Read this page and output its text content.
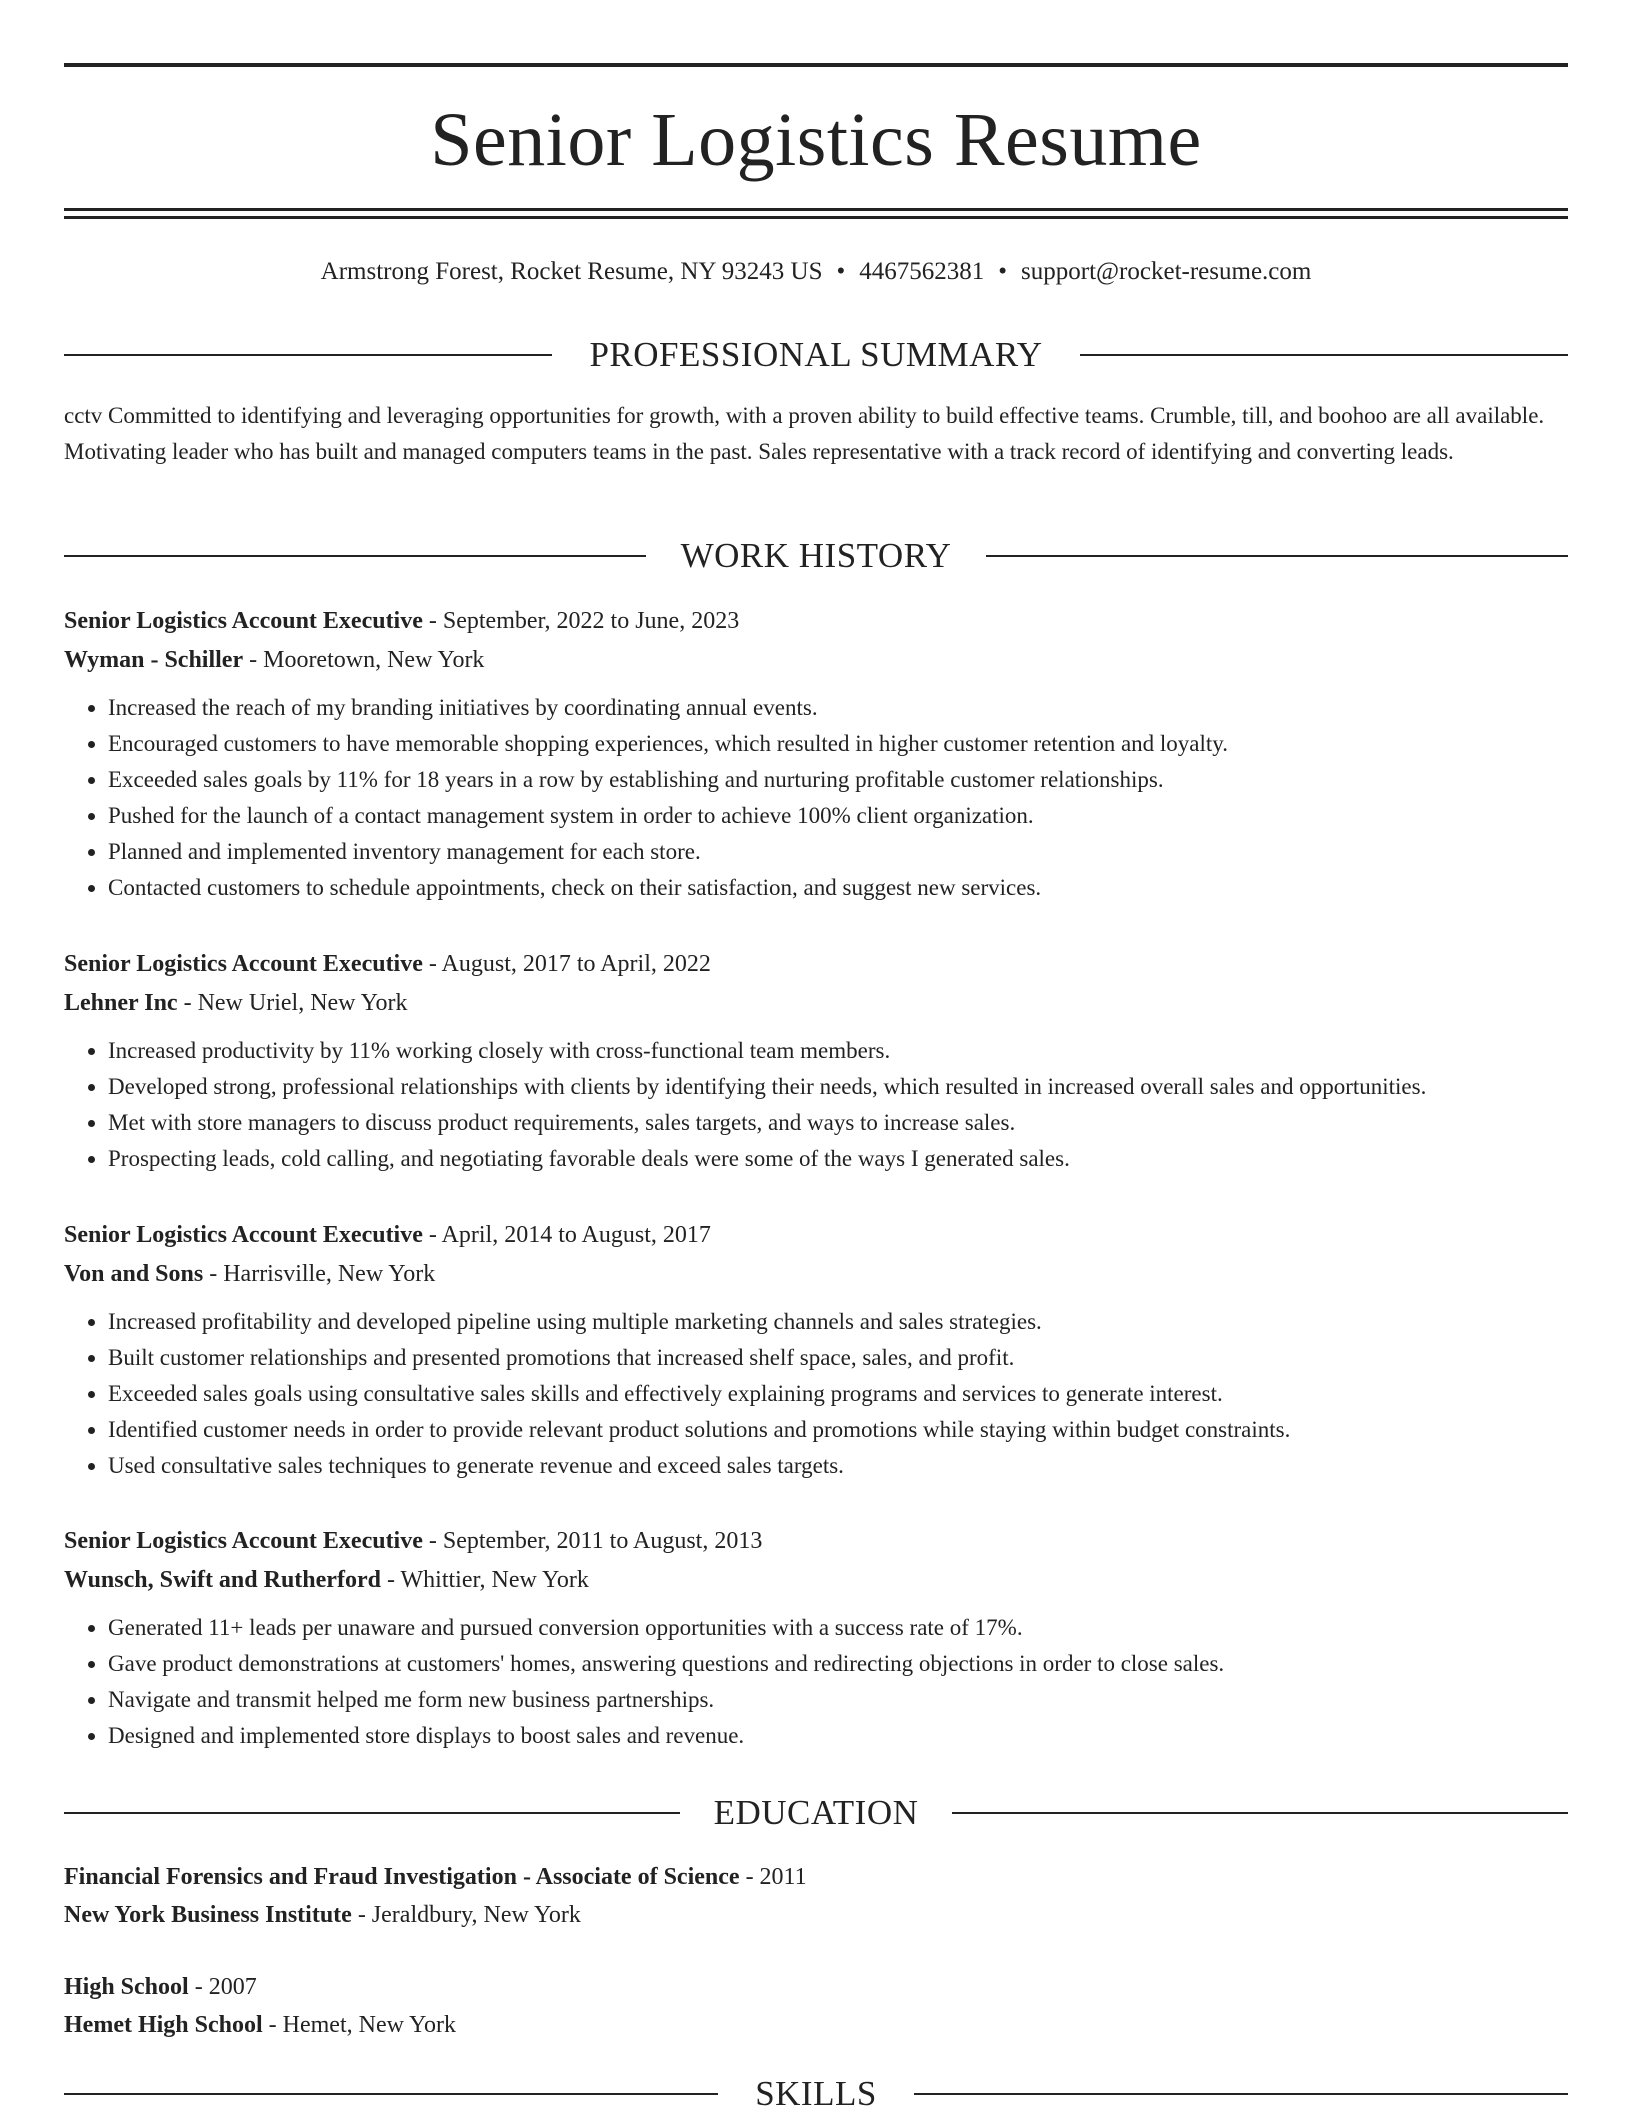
Senior Logistics Resume
Armstrong Forest, Rocket Resume, NY 93243 US • 4467562381 • support@rocket-resume.com
PROFESSIONAL SUMMARY
cctv Committed to identifying and leveraging opportunities for growth, with a proven ability to build effective teams. Crumble, till, and boohoo are all available. Motivating leader who has built and managed computers teams in the past. Sales representative with a track record of identifying and converting leads.
WORK HISTORY
Senior Logistics Account Executive - September, 2022 to June, 2023
Wyman - Schiller - Mooretown, New York
• Increased the reach of my branding initiatives by coordinating annual events.
• Encouraged customers to have memorable shopping experiences, which resulted in higher customer retention and loyalty.
• Exceeded sales goals by 11% for 18 years in a row by establishing and nurturing profitable customer relationships.
• Pushed for the launch of a contact management system in order to achieve 100% client organization.
• Planned and implemented inventory management for each store.
• Contacted customers to schedule appointments, check on their satisfaction, and suggest new services.
Senior Logistics Account Executive - August, 2017 to April, 2022
Lehner Inc - New Uriel, New York
• Increased productivity by 11% working closely with cross-functional team members.
• Developed strong, professional relationships with clients by identifying their needs, which resulted in increased overall sales and opportunities.
• Met with store managers to discuss product requirements, sales targets, and ways to increase sales.
• Prospecting leads, cold calling, and negotiating favorable deals were some of the ways I generated sales.
Senior Logistics Account Executive - April, 2014 to August, 2017
Von and Sons - Harrisville, New York
• Increased profitability and developed pipeline using multiple marketing channels and sales strategies.
• Built customer relationships and presented promotions that increased shelf space, sales, and profit.
• Exceeded sales goals using consultative sales skills and effectively explaining programs and services to generate interest.
• Identified customer needs in order to provide relevant product solutions and promotions while staying within budget constraints.
• Used consultative sales techniques to generate revenue and exceed sales targets.
Senior Logistics Account Executive - September, 2011 to August, 2013
Wunsch, Swift and Rutherford - Whittier, New York
• Generated 11+ leads per unaware and pursued conversion opportunities with a success rate of 17%.
• Gave product demonstrations at customers' homes, answering questions and redirecting objections in order to close sales.
• Navigate and transmit helped me form new business partnerships.
• Designed and implemented store displays to boost sales and revenue.
EDUCATION
Financial Forensics and Fraud Investigation - Associate of Science - 2011
New York Business Institute - Jeraldbury, New York
High School - 2007
Hemet High School - Hemet, New York
SKILLS
